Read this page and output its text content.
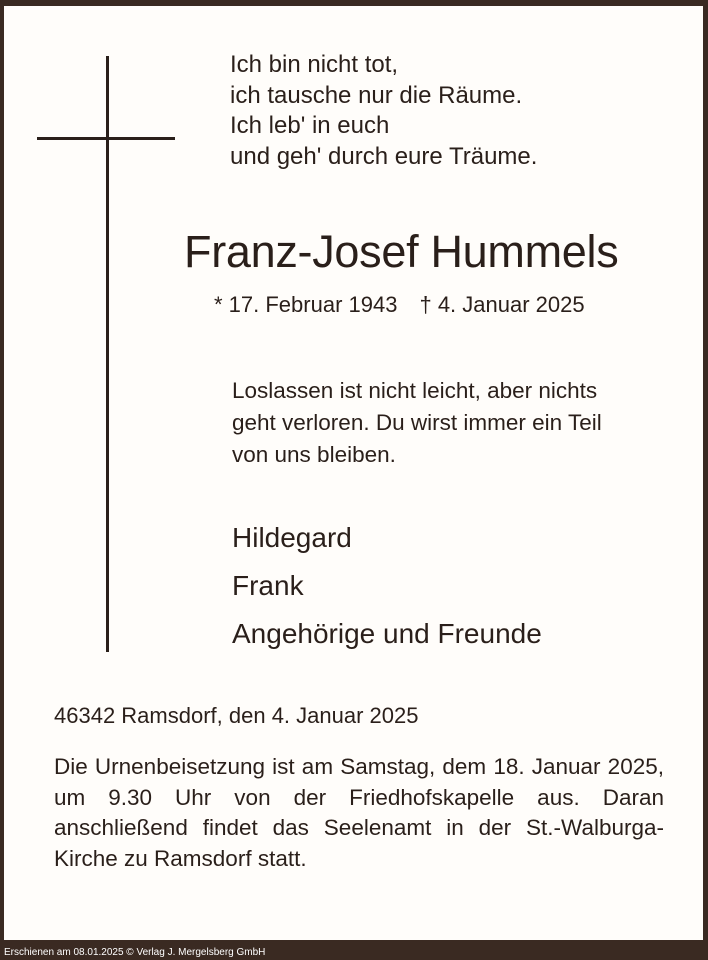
Ich bin nicht tot,
ich tausche nur die Räume.
Ich leb' in euch
und geh' durch eure Träume.
Franz-Josef Hummels
* 17. Februar 1943 † 4. Januar 2025
Loslassen ist nicht leicht, aber nichts
geht verloren. Du wirst immer ein Teil
von uns bleiben.
Hildegard
Frank
Angehörige und Freunde
46342 Ramsdorf, den 4. Januar 2025
Die Urnenbeisetzung ist am Samstag, dem 18. Januar 2025, um 9.30 Uhr von der Friedhofskapelle aus. Daran anschließend findet das Seelenamt in der St.-Walburga-Kirche zu Ramsdorf statt.
Erschienen am 08.01.2025 © Verlag J. Mergelsberg GmbH
